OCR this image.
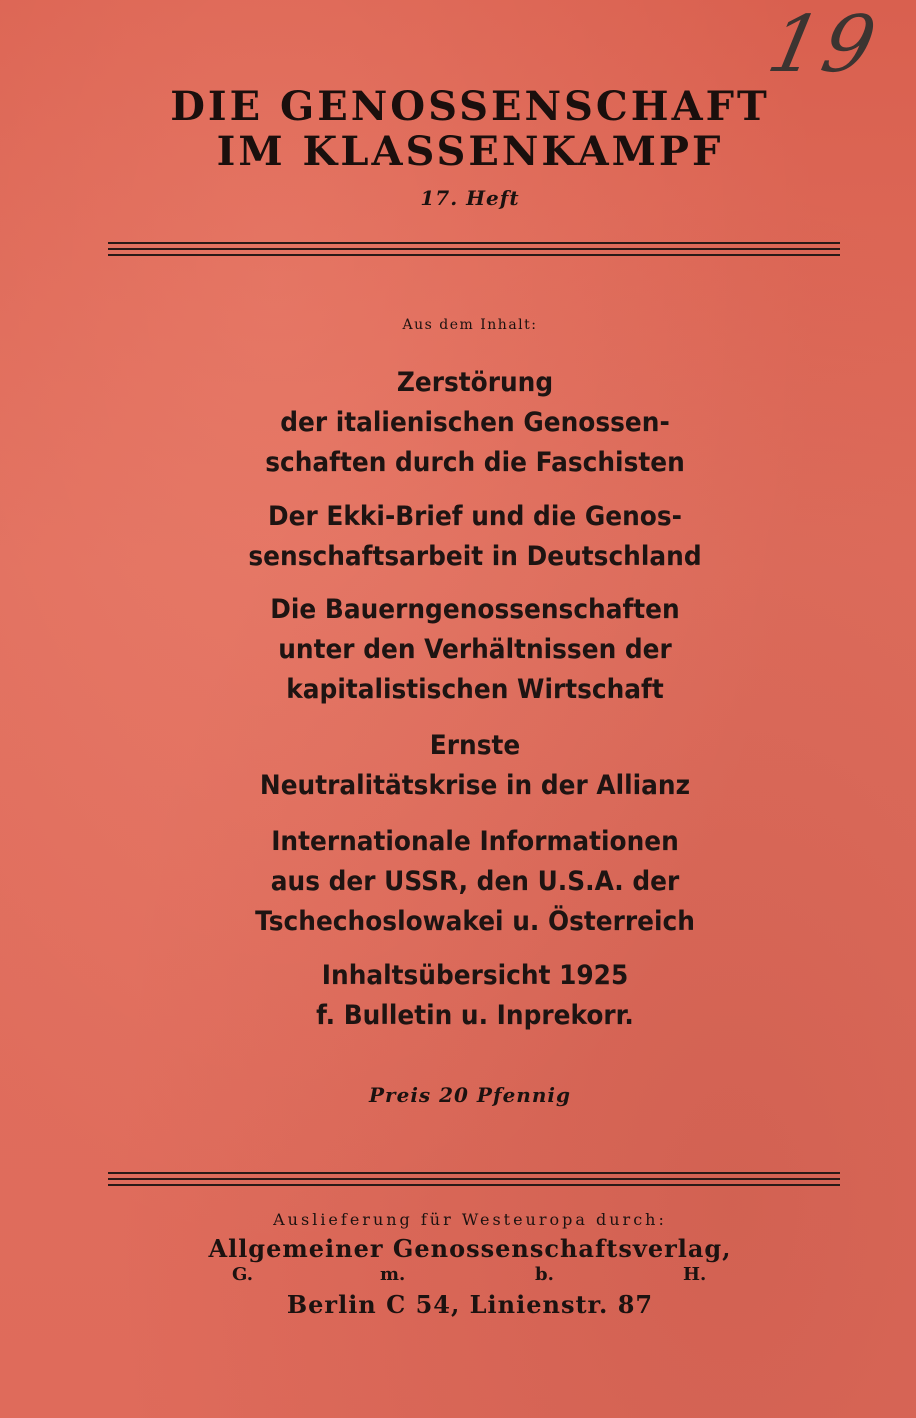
19
DIE GENOSSENSCHAFT
IM KLASSENKAMPF
17. Heft
Aus dem Inhalt:
Zerstörung
der italienischen Genossen-
schaften durch die Faschisten
Der Ekki-Brief und die Genos-
senschaftsarbeit in Deutschland
Die Bauerngenossenschaften
unter den Verhältnissen der
kapitalistischen Wirtschaft
Ernste
Neutralitätskrise in der Allianz
Internationale Informationen
aus der USSR, den U.S.A. der
Tschechoslowakei u. Österreich
Inhaltsübersicht 1925
f. Bulletin u. Inprekorr.
Preis 20 Pfennig
Auslieferung für Westeuropa durch:
Allgemeiner Genossenschaftsverlag,
G.	m.	b.	H.
Berlin C 54, Linienstr. 87
